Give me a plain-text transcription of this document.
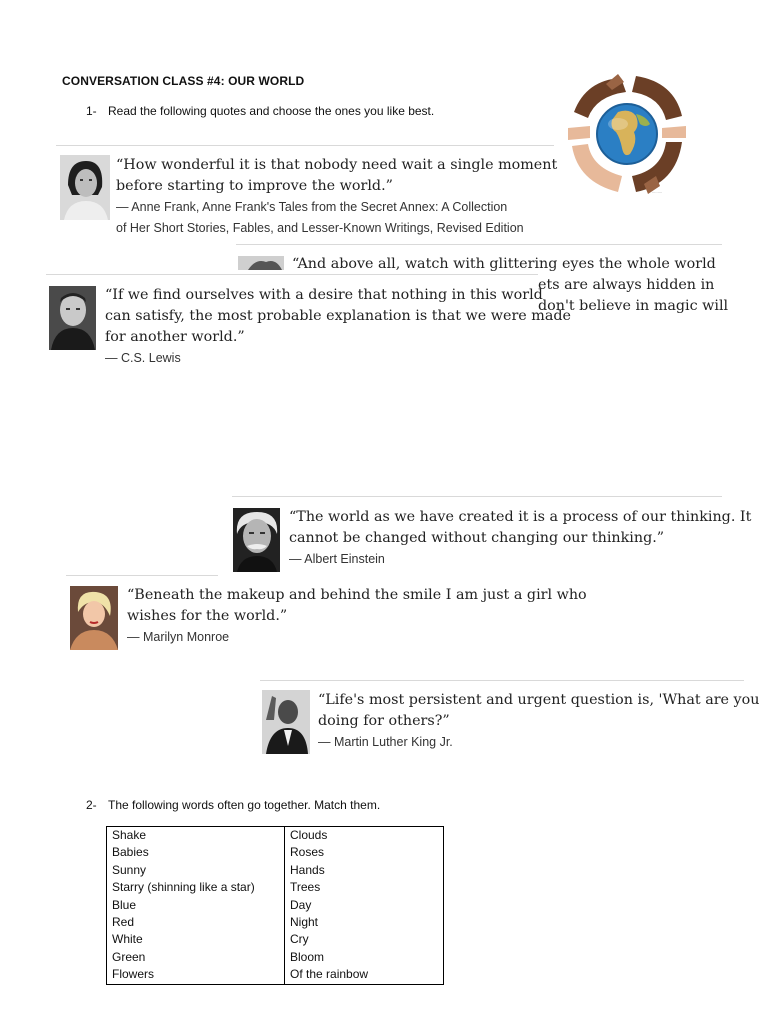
CONVERSATION CLASS #4: OUR WORLD
1- Read the following quotes and choose the ones you like best.
·········
“How wonderful it is that nobody need wait a single moment
before starting to improve the world.”
— Anne Frank, Anne Frank's Tales from the Secret Annex: A Collection
of Her Short Stories, Fables, and Lesser-Known Writings, Revised Edition
“And above all, watch with glittering eyes the whole world
ets are always hidden in
don't believe in magic will
“If we find ourselves with a desire that nothing in this world
can satisfy, the most probable explanation is that we were made
for another world.”
— C.S. Lewis
“The world as we have created it is a process of our thinking. It
cannot be changed without changing our thinking.”
— Albert Einstein
“Beneath the makeup and behind the smile I am just a girl who
wishes for the world.”
— Marilyn Monroe
“Life's most persistent and urgent question is, 'What are you
doing for others?”
— Martin Luther King Jr.
2- The following words often go together. Match them.
Shake	Clouds
Babies	Roses
Sunny	Hands
Starry (shinning like a star)	Trees
Blue	Day
Red	Night
White	Cry
Green	Bloom
Flowers	Of the rainbow
